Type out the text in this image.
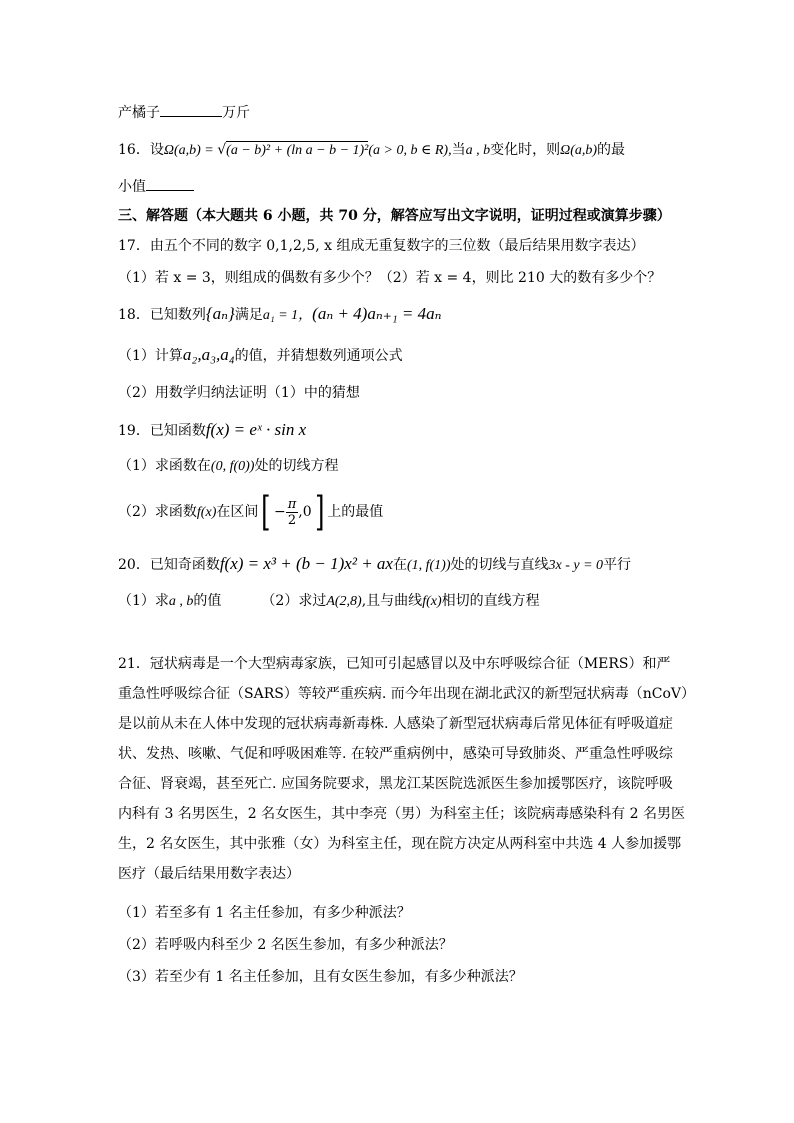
产橘子	万斤
16．设Ω(a,b) = √(a − b)² + (ln a − b − 1)²(a > 0, b ∈ R),当a , b变化时，则Ω(a,b)的最
小值
三、解答题（本大题共 6 小题，共 70 分，解答应写出文字说明，证明过程或演算步骤）
17．由五个不同的数字 0,1,2,5, x 组成无重复数字的三位数（最后结果用数字表达）
（1）若 x = 3，则组成的偶数有多少个？（2）若 x = 4，则比 210 大的数有多少个？
18．已知数列{aₙ}满足a₁ = 1，(aₙ + 4)aₙ₊₁ = 4aₙ
（1）计算a₂,a₃,a₄的值，并猜想数列通项公式
（2）用数学归纳法证明（1）中的猜想
19．已知函数f(x) = eˣ · sin x
（1）求函数在(0, f(0))处的切线方程
（2）求函数f(x)在区间[ − $\frac{\pi}{2} ,0$] 上的最值
20．已知奇函数f(x) = x³ + (b − 1)x² + ax在(1, f(1))处的切线与直线3x - y = 0平行
（1）求a , b的值	（2）求过A(2,8),且与曲线f(x)相切的直线方程
21．冠状病毒是一个大型病毒家族，已知可引起感冒以及中东呼吸综合征（MERS）和严
重急性呼吸综合征（SARS）等较严重疾病. 而今年出现在湖北武汉的新型冠状病毒（nCoV）
是以前从未在人体中发现的冠状病毒新毒株. 人感染了新型冠状病毒后常见体征有呼吸道症
状、发热、咳嗽、气促和呼吸困难等. 在较严重病例中，感染可导致肺炎、严重急性呼吸综
合征、肾衰竭，甚至死亡. 应国务院要求，黑龙江某医院选派医生参加援鄂医疗，该院呼吸
内科有 3 名男医生，2 名女医生，其中李亮（男）为科室主任；该院病毒感染科有 2 名男医
生，2 名女医生，其中张雅（女）为科室主任，现在院方决定从两科室中共选 4 人参加援鄂
医疗（最后结果用数字表达）
（1）若至多有 1 名主任参加，有多少种派法？
（2）若呼吸内科至少 2 名医生参加，有多少种派法？
（3）若至少有 1 名主任参加，且有女医生参加，有多少种派法？
